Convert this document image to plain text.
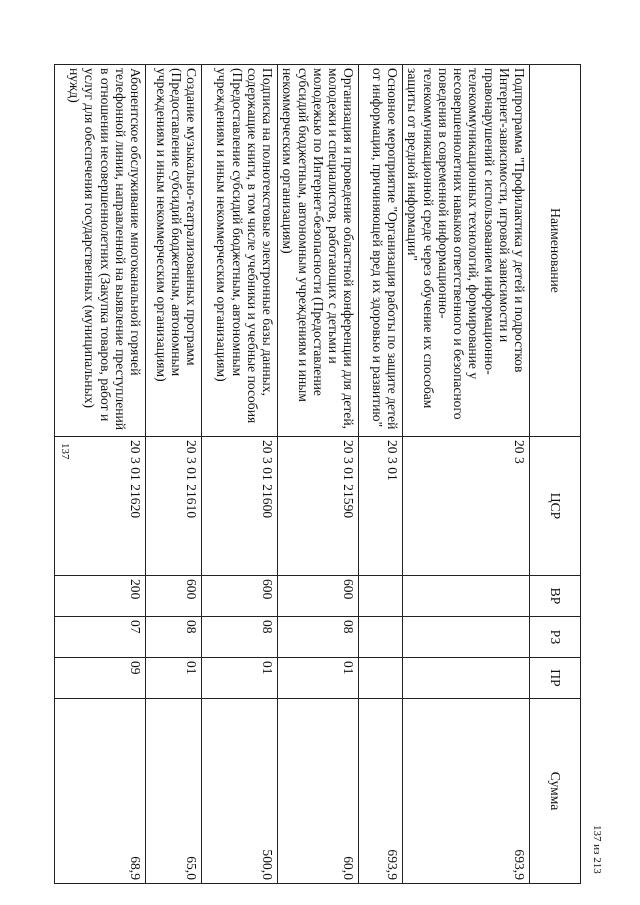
137
Наименование	ЦСР	ВР	РЗ	ПР	Сумма
Подпрограмма "Профилактика у детей и подростков Интернет-зависимости, игровой зависимости и правонарушений с использованием информационно-телекоммуникационных технологий, формирование у несовершеннолетних навыков ответственного и безопасного поведения в современной информационно-телекоммуникационной среде через обучение их способам защиты от вредной информации"	20 3				693,9
Основное мероприятие "Организация работы по защите детей от информации, причиняющей вред их здоровью и развитию"	20 3 01				693,9
Организация и проведение областной конференции для детей, молодежи и специалистов, работающих с детьми и молодежью по Интернет-безопасности (Предоставление субсидий бюджетным, автономным учреждениям и иным некоммерческим организациям)	20 3 01 21590	600	08	01	60,0
Подписка на полнотекстовые электронные базы данных, содержащие книги, в том числе учебники и учебные пособия (Предоставление субсидий бюджетным, автономным учреждениям и иным некоммерческим организациям)	20 3 01 21600	600	08	01	500,0
Создание музыкально-театрализованных программ (Предоставление субсидий бюджетным, автономным учреждениям и иным некоммерческим организациям)	20 3 01 21610	600	08	01	65,0
Абонентское обслуживание многоканальной горячей телефонной линии, направленной на выявление преступлений в отношении несовершеннолетних (Закупка товаров, работ и услуг для обеспечения государственных (муниципальных) нужд)	20 3 01 21620	200	07	09	68,9	137 из 213
